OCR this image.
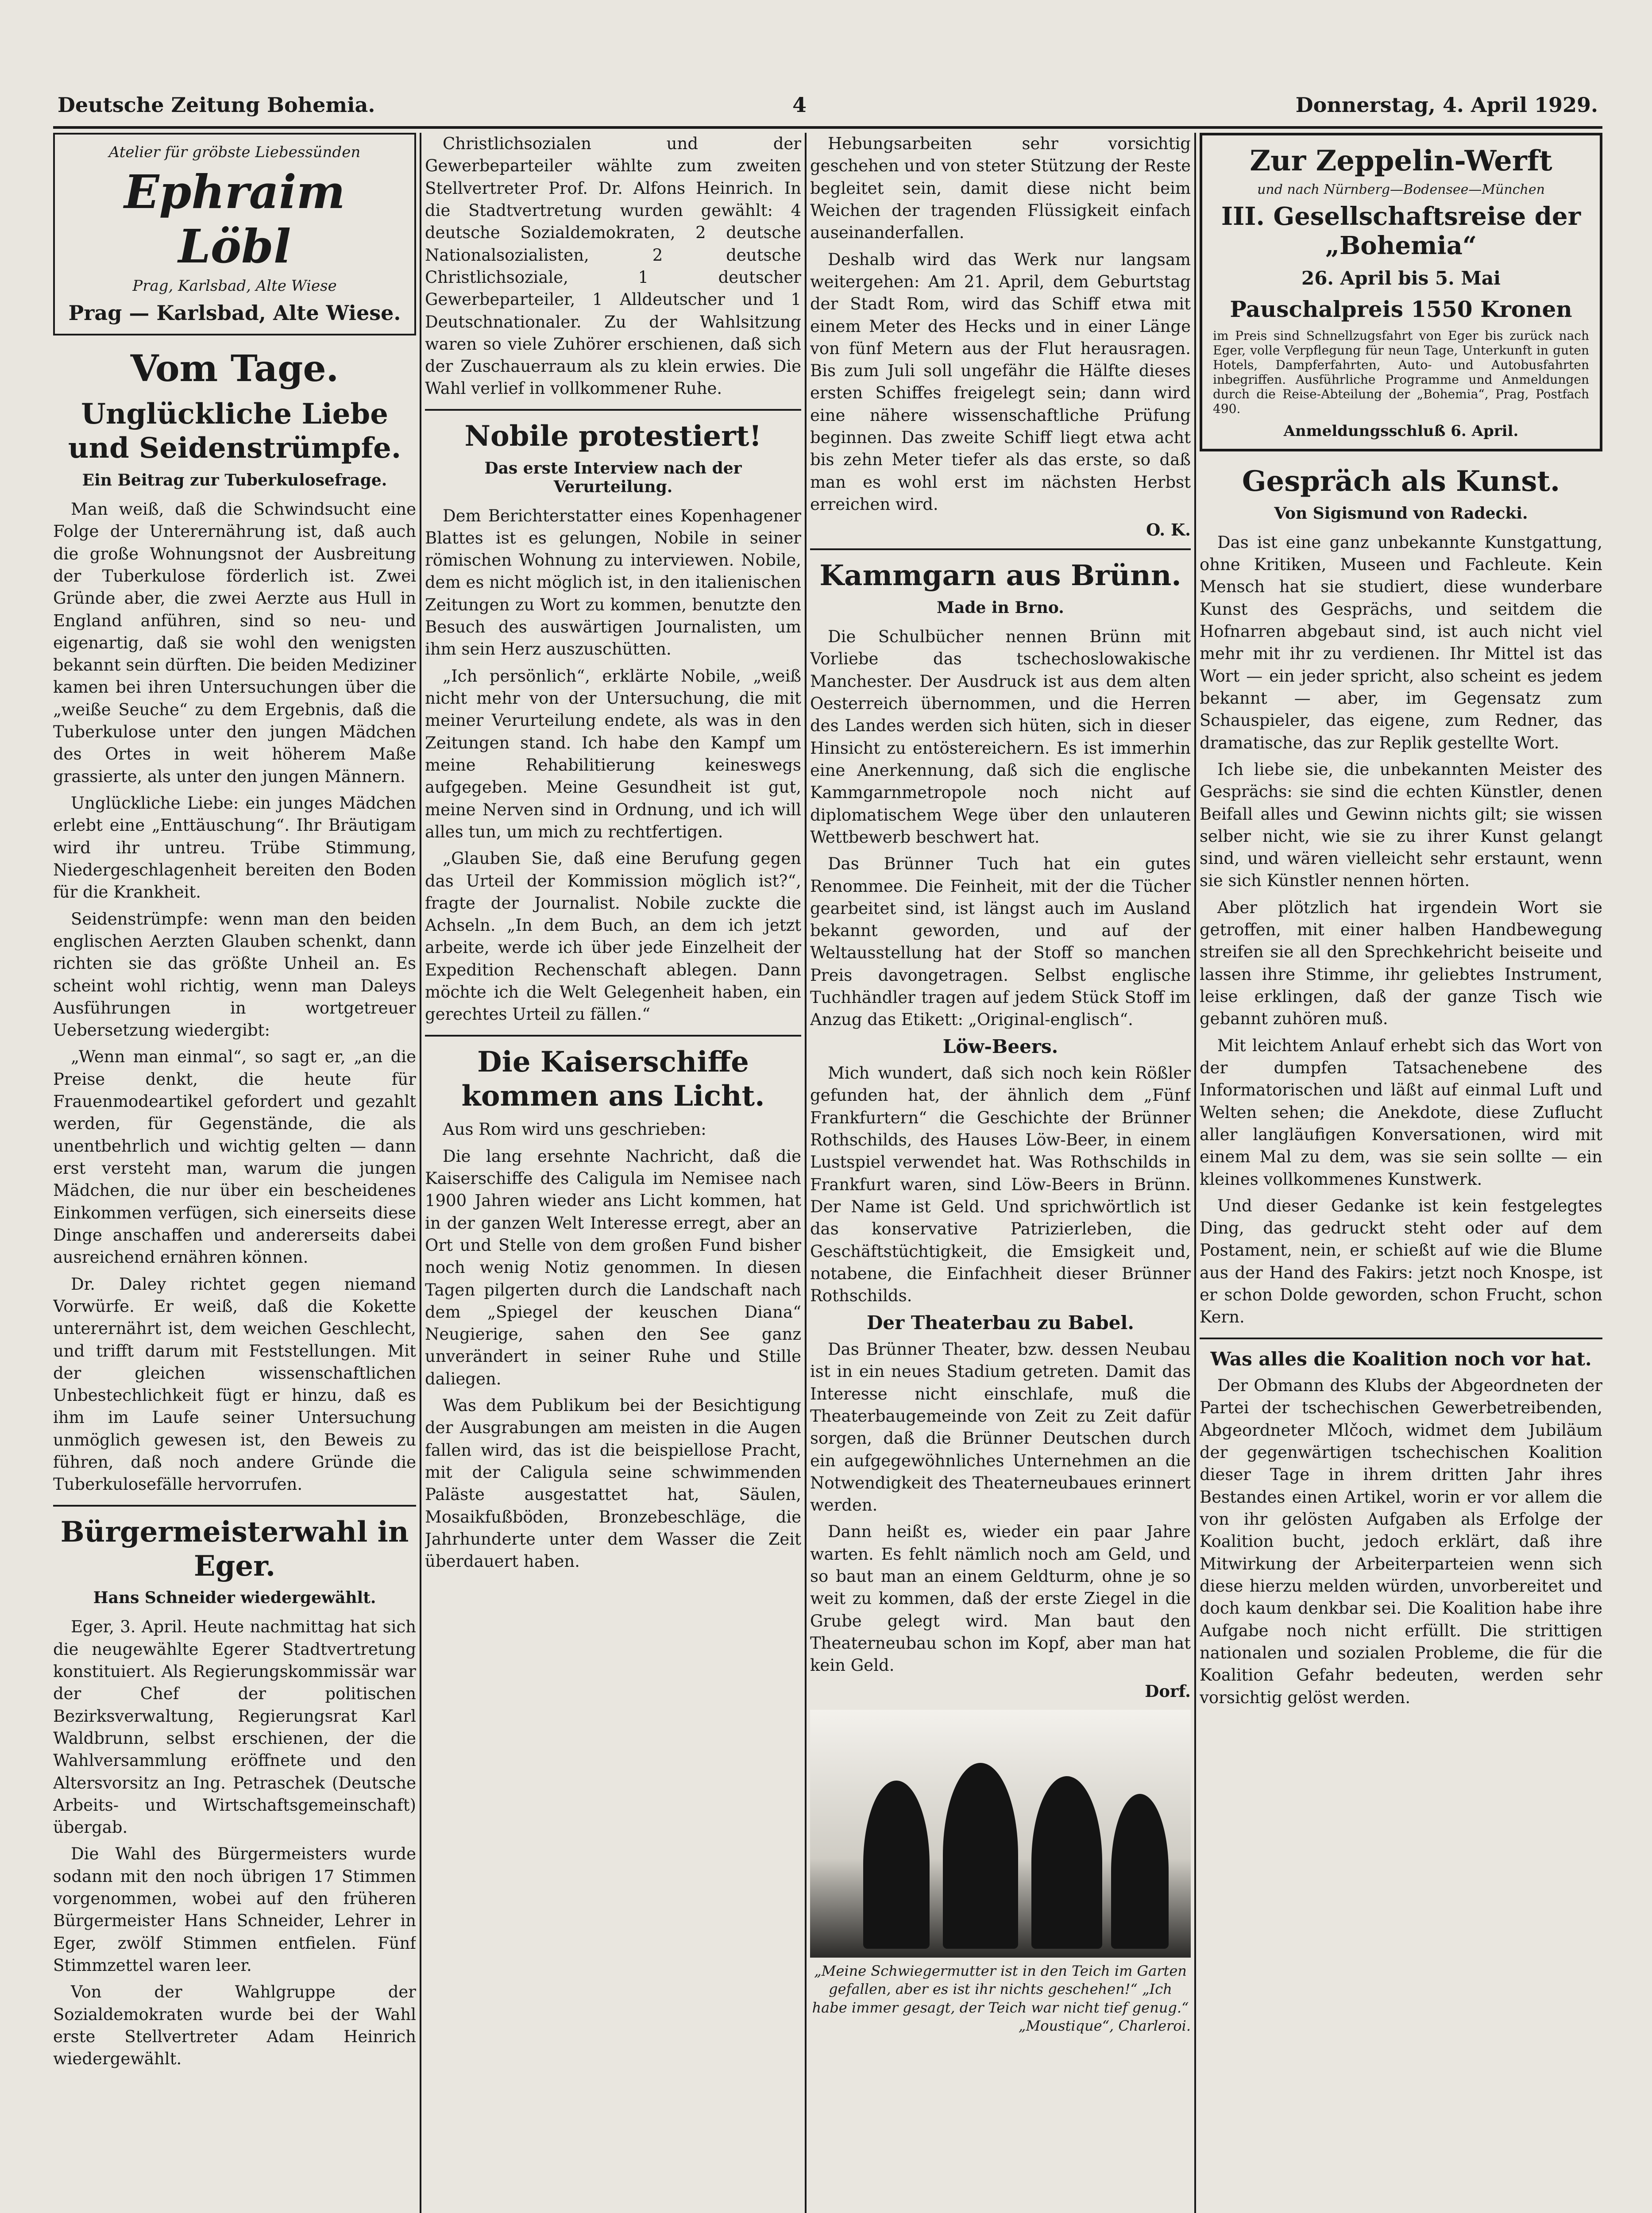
Deutsche Zeitung Bohemia.	4	Donnerstag, 4. April 1929.
Atelier für gröbste Liebessünden
Ephraim Löbl
Prag, Karlsbad, Alte Wiese
Prag — Karlsbad, Alte Wiese.
Vom Tage.
Unglückliche Liebe und Seidenstrümpfe.
Ein Beitrag zur Tuberkulosefrage.

Man weiß, daß die Schwindsucht eine Folge der Unterernährung ist, daß auch die große Wohnungsnot der Ausbreitung der Tuberkulose förderlich ist. Zwei Gründe aber, die zwei Aerzte aus Hull in England anführen, sind so neu- und eigenartig, daß sie wohl den wenigsten bekannt sein dürften. Die beiden Mediziner kamen bei ihren Untersuchungen über die „weiße Seuche“ zu dem Ergebnis, daß die Tuberkulose unter den jungen Mädchen des Ortes in weit höherem Maße grassierte, als unter den jungen Männern.

Unglückliche Liebe: ein junges Mädchen erlebt eine „Enttäuschung“. Ihr Bräutigam wird ihr untreu. Trübe Stimmung, Niedergeschlagenheit bereiten den Boden für die Krankheit.

Seidenstrümpfe: wenn man den beiden englischen Aerzten Glauben schenkt, dann richten sie das größte Unheil an. Es scheint wohl richtig, wenn man Daleys Ausführungen in wortgetreuer Uebersetzung wiedergibt:

„Wenn man einmal“, so sagt er, „an die Preise denkt, die heute für Frauenmodeartikel gefordert und gezahlt werden, für Gegenstände, die als unentbehrlich und wichtig gelten — dann erst versteht man, warum die jungen Mädchen, die nur über ein bescheidenes Einkommen verfügen, sich einerseits diese Dinge anschaffen und andererseits dabei ausreichend ernähren können.

Dr. Daley richtet gegen niemand Vorwürfe. Er weiß, daß die Kokette unterernährt ist, dem weichen Geschlecht, und trifft darum mit Feststellungen. Mit der gleichen wissenschaftlichen Unbestechlichkeit fügt er hinzu, daß es ihm im Laufe seiner Untersuchung unmöglich gewesen ist, den Beweis zu führen, daß noch andere Gründe die Tuberkulosefälle hervorrufen.

Bürgermeisterwahl in Eger.
Hans Schneider wiedergewählt.

Eger, 3. April. Heute nachmittag hat sich die neugewählte Egerer Stadtvertretung konstituiert. Als Regierungskommissär war der Chef der politischen Bezirksverwaltung, Regierungsrat Karl Waldbrunn, selbst erschienen, der die Wahlversammlung eröffnete und den Altersvorsitz an Ing. Petraschek (Deutsche Arbeits- und Wirtschaftsgemeinschaft) übergab.

Die Wahl des Bürgermeisters wurde sodann mit den noch übrigen 17 Stimmen vorgenommen, wobei auf den früheren Bürgermeister Hans Schneider, Lehrer in Eger, zwölf Stimmen entfielen. Fünf Stimmzettel waren leer.

Von der Wahlgruppe der Sozialdemokraten wurde bei der Wahl erste Stellvertreter Adam Heinrich wiedergewählt.

Christlichsozialen und der Gewerbeparteiler wählte zum zweiten Stellvertreter Prof. Dr. Alfons Heinrich. In die Stadtvertretung wurden gewählt: 4 deutsche Sozialdemokraten, 2 deutsche Nationalsozialisten, 2 deutsche Christlichsoziale, 1 deutscher Gewerbeparteiler, 1 Alldeutscher und 1 Deutschnationaler. Zu der Wahlsitzung waren so viele Zuhörer erschienen, daß sich der Zuschauerraum als zu klein erwies. Die Wahl verlief in vollkommener Ruhe.

Nobile protestiert!
Das erste Interview nach der Verurteilung.

Dem Berichterstatter eines Kopenhagener Blattes ist es gelungen, Nobile in seiner römischen Wohnung zu interviewen. Nobile, dem es nicht möglich ist, in den italienischen Zeitungen zu Wort zu kommen, benutzte den Besuch des auswärtigen Journalisten, um ihm sein Herz auszuschütten.

„Ich persönlich“, erklärte Nobile, „weiß nicht mehr von der Untersuchung, die mit meiner Verurteilung endete, als was in den Zeitungen stand. Ich habe den Kampf um meine Rehabilitierung keineswegs aufgegeben. Meine Gesundheit ist gut, meine Nerven sind in Ordnung, und ich will alles tun, um mich zu rechtfertigen.

„Glauben Sie, daß eine Berufung gegen das Urteil der Kommission möglich ist?“, fragte der Journalist. Nobile zuckte die Achseln. „In dem Buch, an dem ich jetzt arbeite, werde ich über jede Einzelheit der Expedition Rechenschaft ablegen. Dann möchte ich die Welt Gelegenheit haben, ein gerechtes Urteil zu fällen.“

Die Kaiserschiffe kommen ans Licht.

Aus Rom wird uns geschrieben:

Die lang ersehnte Nachricht, daß die Kaiserschiffe des Caligula im Nemisee nach 1900 Jahren wieder ans Licht kommen, hat in der ganzen Welt Interesse erregt, aber an Ort und Stelle von dem großen Fund bisher noch wenig Notiz genommen. In diesen Tagen pilgerten durch die Landschaft nach dem „Spiegel der keuschen Diana“ Neugierige, sahen den See ganz unverändert in seiner Ruhe und Stille daliegen.

Was dem Publikum bei der Besichtigung der Ausgrabungen am meisten in die Augen fallen wird, das ist die beispiellose Pracht, mit der Caligula seine schwimmenden Paläste ausgestattet hat, Säulen, Mosaikfußböden, Bronzebeschläge, die Jahrhunderte unter dem Wasser die Zeit überdauert haben.

Hebungsarbeiten sehr vorsichtig geschehen und von steter Stützung der Reste begleitet sein, damit diese nicht beim Weichen der tragenden Flüssigkeit einfach auseinanderfallen.

Deshalb wird das Werk nur langsam weitergehen: Am 21. April, dem Geburtstag der Stadt Rom, wird das Schiff etwa mit einem Meter des Hecks und in einer Länge von fünf Metern aus der Flut herausragen. Bis zum Juli soll ungefähr die Hälfte dieses ersten Schiffes freigelegt sein; dann wird eine nähere wissenschaftliche Prüfung beginnen. Das zweite Schiff liegt etwa acht bis zehn Meter tiefer als das erste, so daß man es wohl erst im nächsten Herbst erreichen wird.

O. K.
Kammgarn aus Brünn.
Made in Brno.

Die Schulbücher nennen Brünn mit Vorliebe das tschechoslowakische Manchester. Der Ausdruck ist aus dem alten Oesterreich übernommen, und die Herren des Landes werden sich hüten, sich in dieser Hinsicht zu entöstereichern. Es ist immerhin eine Anerkennung, daß sich die englische Kammgarnmetropole noch nicht auf diplomatischem Wege über den unlauteren Wettbewerb beschwert hat.

Das Brünner Tuch hat ein gutes Renommee. Die Feinheit, mit der die Tücher gearbeitet sind, ist längst auch im Ausland bekannt geworden, und auf der Weltausstellung hat der Stoff so manchen Preis davongetragen. Selbst englische Tuchhändler tragen auf jedem Stück Stoff im Anzug das Etikett: „Original-englisch“.

Löw-Beers.

Mich wundert, daß sich noch kein Rößler gefunden hat, der ähnlich dem „Fünf Frankfurtern“ die Geschichte der Brünner Rothschilds, des Hauses Löw-Beer, in einem Lustspiel verwendet hat. Was Rothschilds in Frankfurt waren, sind Löw-Beers in Brünn. Der Name ist Geld. Und sprichwörtlich ist das konservative Patrizierleben, die Geschäftstüchtigkeit, die Emsigkeit und, notabene, die Einfachheit dieser Brünner Rothschilds.

Der Theaterbau zu Babel.

Das Brünner Theater, bzw. dessen Neubau ist in ein neues Stadium getreten. Damit das Interesse nicht einschlafe, muß die Theaterbaugemeinde von Zeit zu Zeit dafür sorgen, daß die Brünner Deutschen durch ein aufgegewöhnliches Unternehmen an die Notwendigkeit des Theaterneubaues erinnert werden.

Dann heißt es, wieder ein paar Jahre warten. Es fehlt nämlich noch am Geld, und so baut man an einem Geldturm, ohne je so weit zu kommen, daß der erste Ziegel in die Grube gelegt wird. Man baut den Theaterneubau schon im Kopf, aber man hat kein Geld.

Dorf.
„Meine Schwiegermutter ist in den Teich im Garten gefallen, aber es ist ihr nichts geschehen!“ „Ich habe immer gesagt, der Teich war nicht tief genug.“
„Moustique“, Charleroi.
Zur Zeppelin-Werft
und nach Nürnberg—Bodensee—München
III. Gesellschaftsreise der „Bohemia“
26. April bis 5. Mai
Pauschalpreis 1550 Kronen
im Preis sind Schnellzugsfahrt von Eger bis zurück nach Eger, volle Verpflegung für neun Tage, Unterkunft in guten Hotels, Dampferfahrten, Auto- und Autobusfahrten inbegriffen. Ausführliche Programme und Anmeldungen durch die Reise-Abteilung der „Bohemia“, Prag, Postfach 490.
Anmeldungsschluß 6. April.
Gespräch als Kunst.
Von Sigismund von Radecki.

Das ist eine ganz unbekannte Kunstgattung, ohne Kritiken, Museen und Fachleute. Kein Mensch hat sie studiert, diese wunderbare Kunst des Gesprächs, und seitdem die Hofnarren abgebaut sind, ist auch nicht viel mehr mit ihr zu verdienen. Ihr Mittel ist das Wort — ein jeder spricht, also scheint es jedem bekannt — aber, im Gegensatz zum Schauspieler, das eigene, zum Redner, das dramatische, das zur Replik gestellte Wort.

Ich liebe sie, die unbekannten Meister des Gesprächs: sie sind die echten Künstler, denen Beifall alles und Gewinn nichts gilt; sie wissen selber nicht, wie sie zu ihrer Kunst gelangt sind, und wären vielleicht sehr erstaunt, wenn sie sich Künstler nennen hörten.

Aber plötzlich hat irgendein Wort sie getroffen, mit einer halben Handbewegung streifen sie all den Sprechkehricht beiseite und lassen ihre Stimme, ihr geliebtes Instrument, leise erklingen, daß der ganze Tisch wie gebannt zuhören muß.

Mit leichtem Anlauf erhebt sich das Wort von der dumpfen Tatsachenebene des Informatorischen und läßt auf einmal Luft und Welten sehen; die Anekdote, diese Zuflucht aller langläufigen Konversationen, wird mit einem Mal zu dem, was sie sein sollte — ein kleines vollkommenes Kunstwerk.

Und dieser Gedanke ist kein festgelegtes Ding, das gedruckt steht oder auf dem Postament, nein, er schießt auf wie die Blume aus der Hand des Fakirs: jetzt noch Knospe, ist er schon Dolde geworden, schon Frucht, schon Kern.

Was alles die Koalition noch vor hat.

Der Obmann des Klubs der Abgeordneten der Partei der tschechischen Gewerbetreibenden, Abgeordneter Mlčoch, widmet dem Jubiläum der gegenwärtigen tschechischen Koalition dieser Tage in ihrem dritten Jahr ihres Bestandes einen Artikel, worin er vor allem die von ihr gelösten Aufgaben als Erfolge der Koalition bucht, jedoch erklärt, daß ihre Mitwirkung der Arbeiterparteien wenn sich diese hierzu melden würden, unvorbereitet und doch kaum denkbar sei. Die Koalition habe ihre Aufgabe noch nicht erfüllt. Die strittigen nationalen und sozialen Probleme, die für die Koalition Gefahr bedeuten, werden sehr vorsichtig gelöst werden.
